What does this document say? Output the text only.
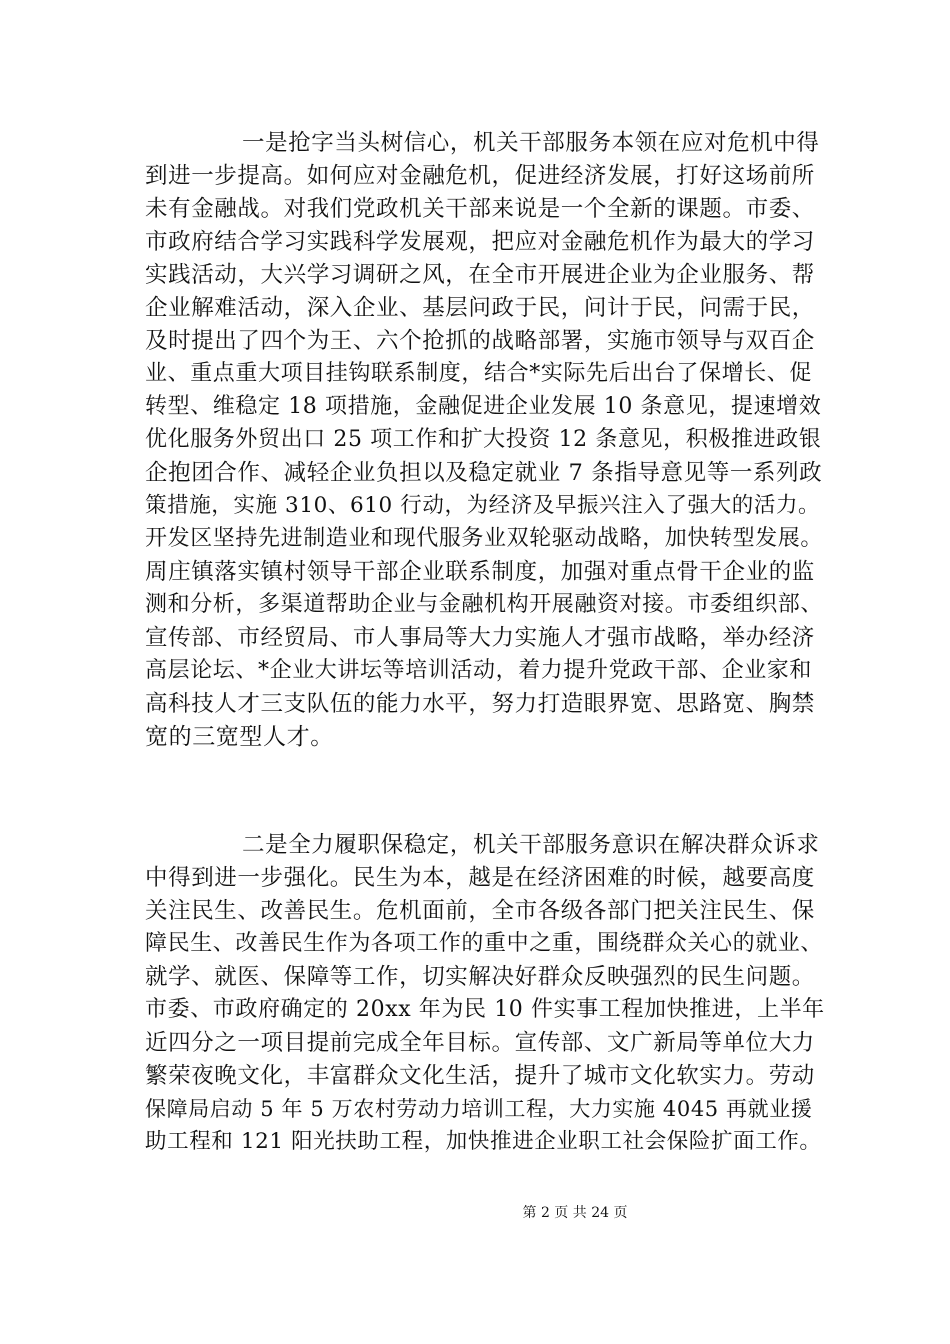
一是抢字当头树信心，机关干部服务本领在应对危机中得
到进一步提高。如何应对金融危机，促进经济发展，打好这场前所
未有金融战。对我们党政机关干部来说是一个全新的课题。市委、
市政府结合学习实践科学发展观，把应对金融危机作为最大的学习
实践活动，大兴学习调研之风，在全市开展进企业为企业服务、帮
企业解难活动，深入企业、基层问政于民，问计于民，问需于民，
及时提出了四个为王、六个抢抓的战略部署，实施市领导与双百企
业、重点重大项目挂钩联系制度，结合*实际先后出台了保增长、促
转型、维稳定 18 项措施，金融促进企业发展 10 条意见，提速增效
优化服务外贸出口 25 项工作和扩大投资 12 条意见，积极推进政银
企抱团合作、减轻企业负担以及稳定就业 7 条指导意见等一系列政
策措施，实施 310、610 行动，为经济及早振兴注入了强大的活力。
开发区坚持先进制造业和现代服务业双轮驱动战略，加快转型发展。
周庄镇落实镇村领导干部企业联系制度，加强对重点骨干企业的监
测和分析，多渠道帮助企业与金融机构开展融资对接。市委组织部、
宣传部、市经贸局、市人事局等大力实施人才强市战略，举办经济
高层论坛、*企业大讲坛等培训活动，着力提升党政干部、企业家和
高科技人才三支队伍的能力水平，努力打造眼界宽、思路宽、胸禁
宽的三宽型人才。
二是全力履职保稳定，机关干部服务意识在解决群众诉求
中得到进一步强化。民生为本，越是在经济困难的时候，越要高度
关注民生、改善民生。危机面前，全市各级各部门把关注民生、保
障民生、改善民生作为各项工作的重中之重，围绕群众关心的就业、
就学、就医、保障等工作，切实解决好群众反映强烈的民生问题。
市委、市政府确定的 20xx 年为民 10 件实事工程加快推进，上半年
近四分之一项目提前完成全年目标。宣传部、文广新局等单位大力
繁荣夜晚文化，丰富群众文化生活，提升了城市文化软实力。劳动
保障局启动 5 年 5 万农村劳动力培训工程，大力实施 4045 再就业援
助工程和 121 阳光扶助工程，加快推进企业职工社会保险扩面工作。
第 2 页 共 24 页
